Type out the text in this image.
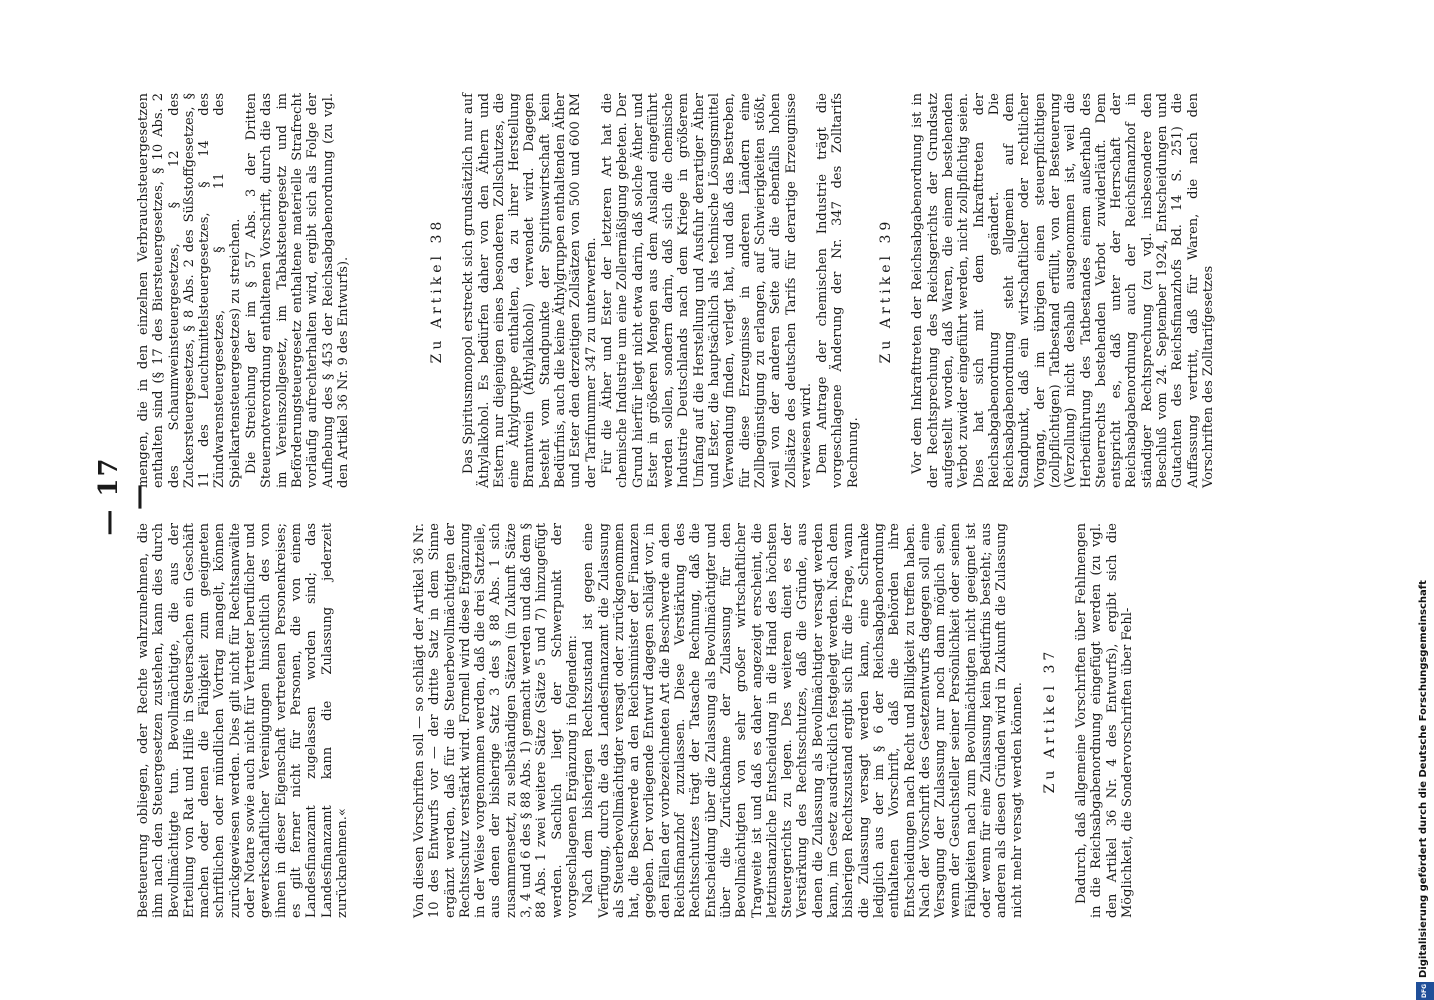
— 17 —

Besteuerung obliegen, oder Rechte wahrzunehmen, die ihm nach den Steuergesetzen zustehen, kann dies durch Bevollmächtigte tun. Bevollmächtigte, die aus der Erteilung von Rat und Hilfe in Steuersachen ein Geschäft machen oder denen die Fähigkeit zum geeigneten schriftlichen oder mündlichen Vortrag mangelt, können zurückgewiesen werden. Dies gilt nicht für Rechtsanwälte oder Notare sowie auch nicht für Vertreter beruflicher und gewerkschaftlicher Vereinigungen hinsichtlich des von ihnen in dieser Eigenschaft vertretenen Personenkreises; es gilt ferner nicht für Personen, die von einem Landesfinanzamt zugelassen worden sind; das Landesfinanzamt kann die Zulassung jederzeit zurücknehmen.«

mengen, die in den einzelnen Verbrauchsteuergesetzen enthalten sind (§ 17 des Biersteuergesetzes, § 10 Abs. 2 des Schaumweinsteuergesetzes, § 12 des Zuckersteuergesetzes, § 8 Abs. 2 des Süßstoffgesetzes, § 11 des Leuchtmittelsteuergesetzes, § 14 des Zündwarensteuergesetzes, § 11 des Spielkartensteuergesetzes) zu streichen. Die Streichung der im § 57 Abs. 3 der Dritten Steuernotverordnung enthaltenen Vorschrift, durch die das im Vereinszollgesetz, im Tabaksteuergesetz und im Beförderungsteuergesetz enthaltene materielle Strafrecht vorläufig aufrechterhalten wird, ergibt sich als Folge der Aufhebung des § 453 der Reichsabgabenordnung (zu vgl. den Artikel 36 Nr. 9 des Entwurfs).

Von diesen Vorschriften soll — so schlägt der Artikel 36 Nr. 10 des Entwurfs vor — der dritte Satz in dem Sinne ergänzt werden, daß für die Steuerbevollmächtigten der Rechtsschutz verstärkt wird. Formell wird diese Ergänzung in der Weise vorgenommen werden, daß die drei Satzteile, aus denen der bisherige Satz 3 des § 88 Abs. 1 sich zusammensetzt, zu selbständigen Sätzen (in Zukunft Sätze 3, 4 und 6 des § 88 Abs. 1) gemacht werden und daß dem § 88 Abs. 1 zwei weitere Sätze (Sätze 5 und 7) hinzugefügt werden. Sachlich liegt der Schwerpunkt der vorgeschlagenen Ergänzung in folgendem: Nach dem bisherigen Rechtszustand ist gegen eine Verfügung, durch die das Landesfinanzamt die Zulassung als Steuerbevollmächtigter versagt oder zurückgenommen hat, die Beschwerde an den Reichsminister der Finanzen gegeben. Der vorliegende Entwurf dagegen schlägt vor, in den Fällen der vorbezeichneten Art die Beschwerde an den Reichsfinanzhof zuzulassen. Diese Verstärkung des Rechtsschutzes trägt der Tatsache Rechnung, daß die Entscheidung über die Zulassung als Bevollmächtigter und über die Zurücknahme der Zulassung für den Bevollmächtigten von sehr großer wirtschaftlicher Tragweite ist und daß es daher angezeigt erscheint, die letztinstanzliche Entscheidung in die Hand des höchsten Steuergerichts zu legen. Des weiteren dient es der Verstärkung des Rechtsschutzes, daß die Gründe, aus denen die Zulassung als Bevollmächtigter versagt werden kann, im Gesetz ausdrücklich festgelegt werden. Nach dem bisherigen Rechtszustand ergibt sich für die Frage, wann die Zulassung versagt werden kann, eine Schranke lediglich aus der im § 6 der Reichsabgabenordnung enthaltenen Vorschrift, daß die Behörden ihre Entscheidungen nach Recht und Billigkeit zu treffen haben. Nach der Vorschrift des Gesetzentwurfs dagegen soll eine Versagung der Zulassung nur noch dann möglich sein, wenn der Gesuchsteller seiner Persönlichkeit oder seinen Fähigkeiten nach zum Bevollmächtigten nicht geeignet ist oder wenn für eine Zulassung kein Bedürfnis besteht; aus anderen als diesen Gründen wird in Zukunft die Zulassung nicht mehr versagt werden können. Zu Artikel 37 Dadurch, daß allgemeine Vorschriften über Fehlmengen in die Reichsabgabenordnung eingefügt werden (zu vgl. den Artikel 36 Nr. 4 des Entwurfs), ergibt sich die Möglichkeit, die Sondervorschriften über Fehl-

Zu Artikel 38 Das Spiritusmonopol erstreckt sich grundsätzlich nur auf Äthylalkohol. Es bedürfen daher von den Äthern und Estern nur diejenigen eines besonderen Zollschutzes, die eine Äthylgruppe enthalten, da zu ihrer Herstellung Branntwein (Äthylalkohol) verwendet wird. Dagegen besteht vom Standpunkte der Spirituswirtschaft kein Bedürfnis, auch die keine Äthylgruppen enthaltenden Äther und Ester den derzeitigen Zollsätzen von 500 und 600 RM der Tarifnummer 347 zu unterwerfen. Für die Äther und Ester der letzteren Art hat die chemische Industrie um eine Zollermäßigung gebeten. Der Grund hierfür liegt nicht etwa darin, daß solche Äther und Ester in größeren Mengen aus dem Ausland eingeführt werden sollen, sondern darin, daß sich die chemische Industrie Deutschlands nach dem Kriege in größerem Umfang auf die Herstellung und Ausfuhr derartiger Äther und Ester, die hauptsächlich als technische Lösungsmittel Verwendung finden, verlegt hat, und daß das Bestreben, für diese Erzeugnisse in anderen Ländern eine Zollbegünstigung zu erlangen, auf Schwierigkeiten stößt, weil von der anderen Seite auf die ebenfalls hohen Zollsätze des deutschen Tarifs für derartige Erzeugnisse verwiesen wird. Dem Antrage der chemischen Industrie trägt die vorgeschlagene Änderung der Nr. 347 des Zolltarifs Rechnung.

Zu Artikel 39 Vor dem Inkrafttreten der Reichsabgabenordnung ist in der Rechtsprechung des Reichsgerichts der Grundsatz aufgestellt worden, daß Waren, die einem bestehenden Verbot zuwider eingeführt werden, nicht zollpflichtig seien. Dies hat sich mit dem Inkrafttreten der Reichsabgabenordnung geändert. Die Reichsabgabenordnung steht allgemein auf dem Standpunkt, daß ein wirtschaftlicher oder rechtlicher Vorgang, der im übrigen einen steuerpflichtigen (zollpflichtigen) Tatbestand erfüllt, von der Besteuerung (Verzollung) nicht deshalb ausgenommen ist, weil die Herbeiführung des Tatbestandes einem außerhalb des Steuerrechts bestehenden Verbot zuwiderläuft. Dem entspricht es, daß unter der Herrschaft der Reichsabgabenordnung auch der Reichsfinanzhof in ständiger Rechtsprechung (zu vgl. insbesondere den Beschluß vom 24. September 1924, Entscheidungen und Gutachten des Reichsfinanzhofs Bd. 14 S. 251) die Auffassung vertritt, daß für Waren, die nach den Vorschriften des Zolltarifgesetzes

DFG
Digitalisierung gefördert durch die Deutsche Forschungsgemeinschaft
